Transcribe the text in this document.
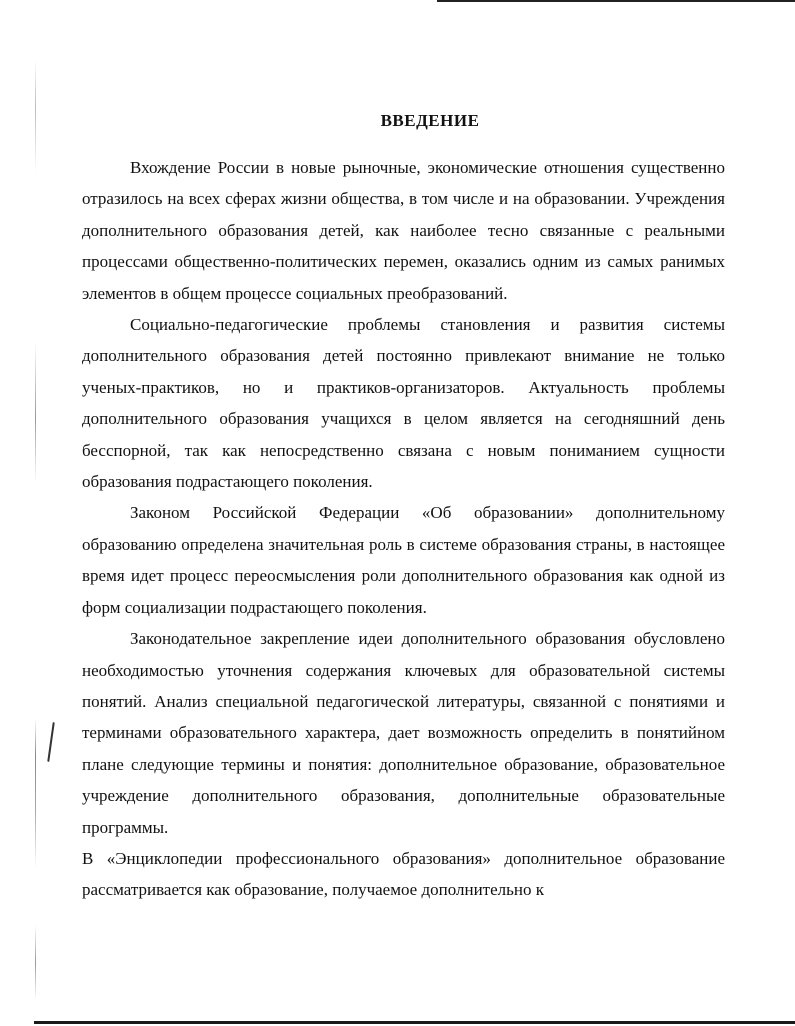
ВВЕДЕНИЕ

Вхождение России в новые рыночные, экономические отношения существенно отразилось на всех сферах жизни общества, в том числе и на образовании. Учреждения дополнительного образования детей, как наиболее тесно связанные с реальными процессами общественно-политических перемен, оказались одним из самых ранимых элементов в общем процессе социальных преобразований.

Социально-педагогические проблемы становления и развития системы дополнительного образования детей постоянно привлекают внимание не только ученых-практиков, но и практиков-организаторов. Актуальность проблемы дополнительного образования учащихся в целом является на сегодняшний день бесспорной, так как непосредственно связана с новым пониманием сущности образования подрастающего поколения.

Законом Российской Федерации «Об образовании» дополнительному образованию определена значительная роль в системе образования страны, в настоящее время идет процесс переосмысления роли дополнительного образования как одной из форм социализации подрастающего поколения.

Законодательное закрепление идеи дополнительного образования обусловлено необходимостью уточнения содержания ключевых для образовательной системы понятий. Анализ специальной педагогической литературы, связанной с понятиями и терминами образовательного характера, дает возможность определить в понятийном плане следующие термины и понятия: дополнительное образование, образовательное учреждение дополнительного образования, дополнительные образовательные программы.

В «Энциклопедии профессионального образования» дополнительное образование рассматривается как образование, получаемое дополнительно к
